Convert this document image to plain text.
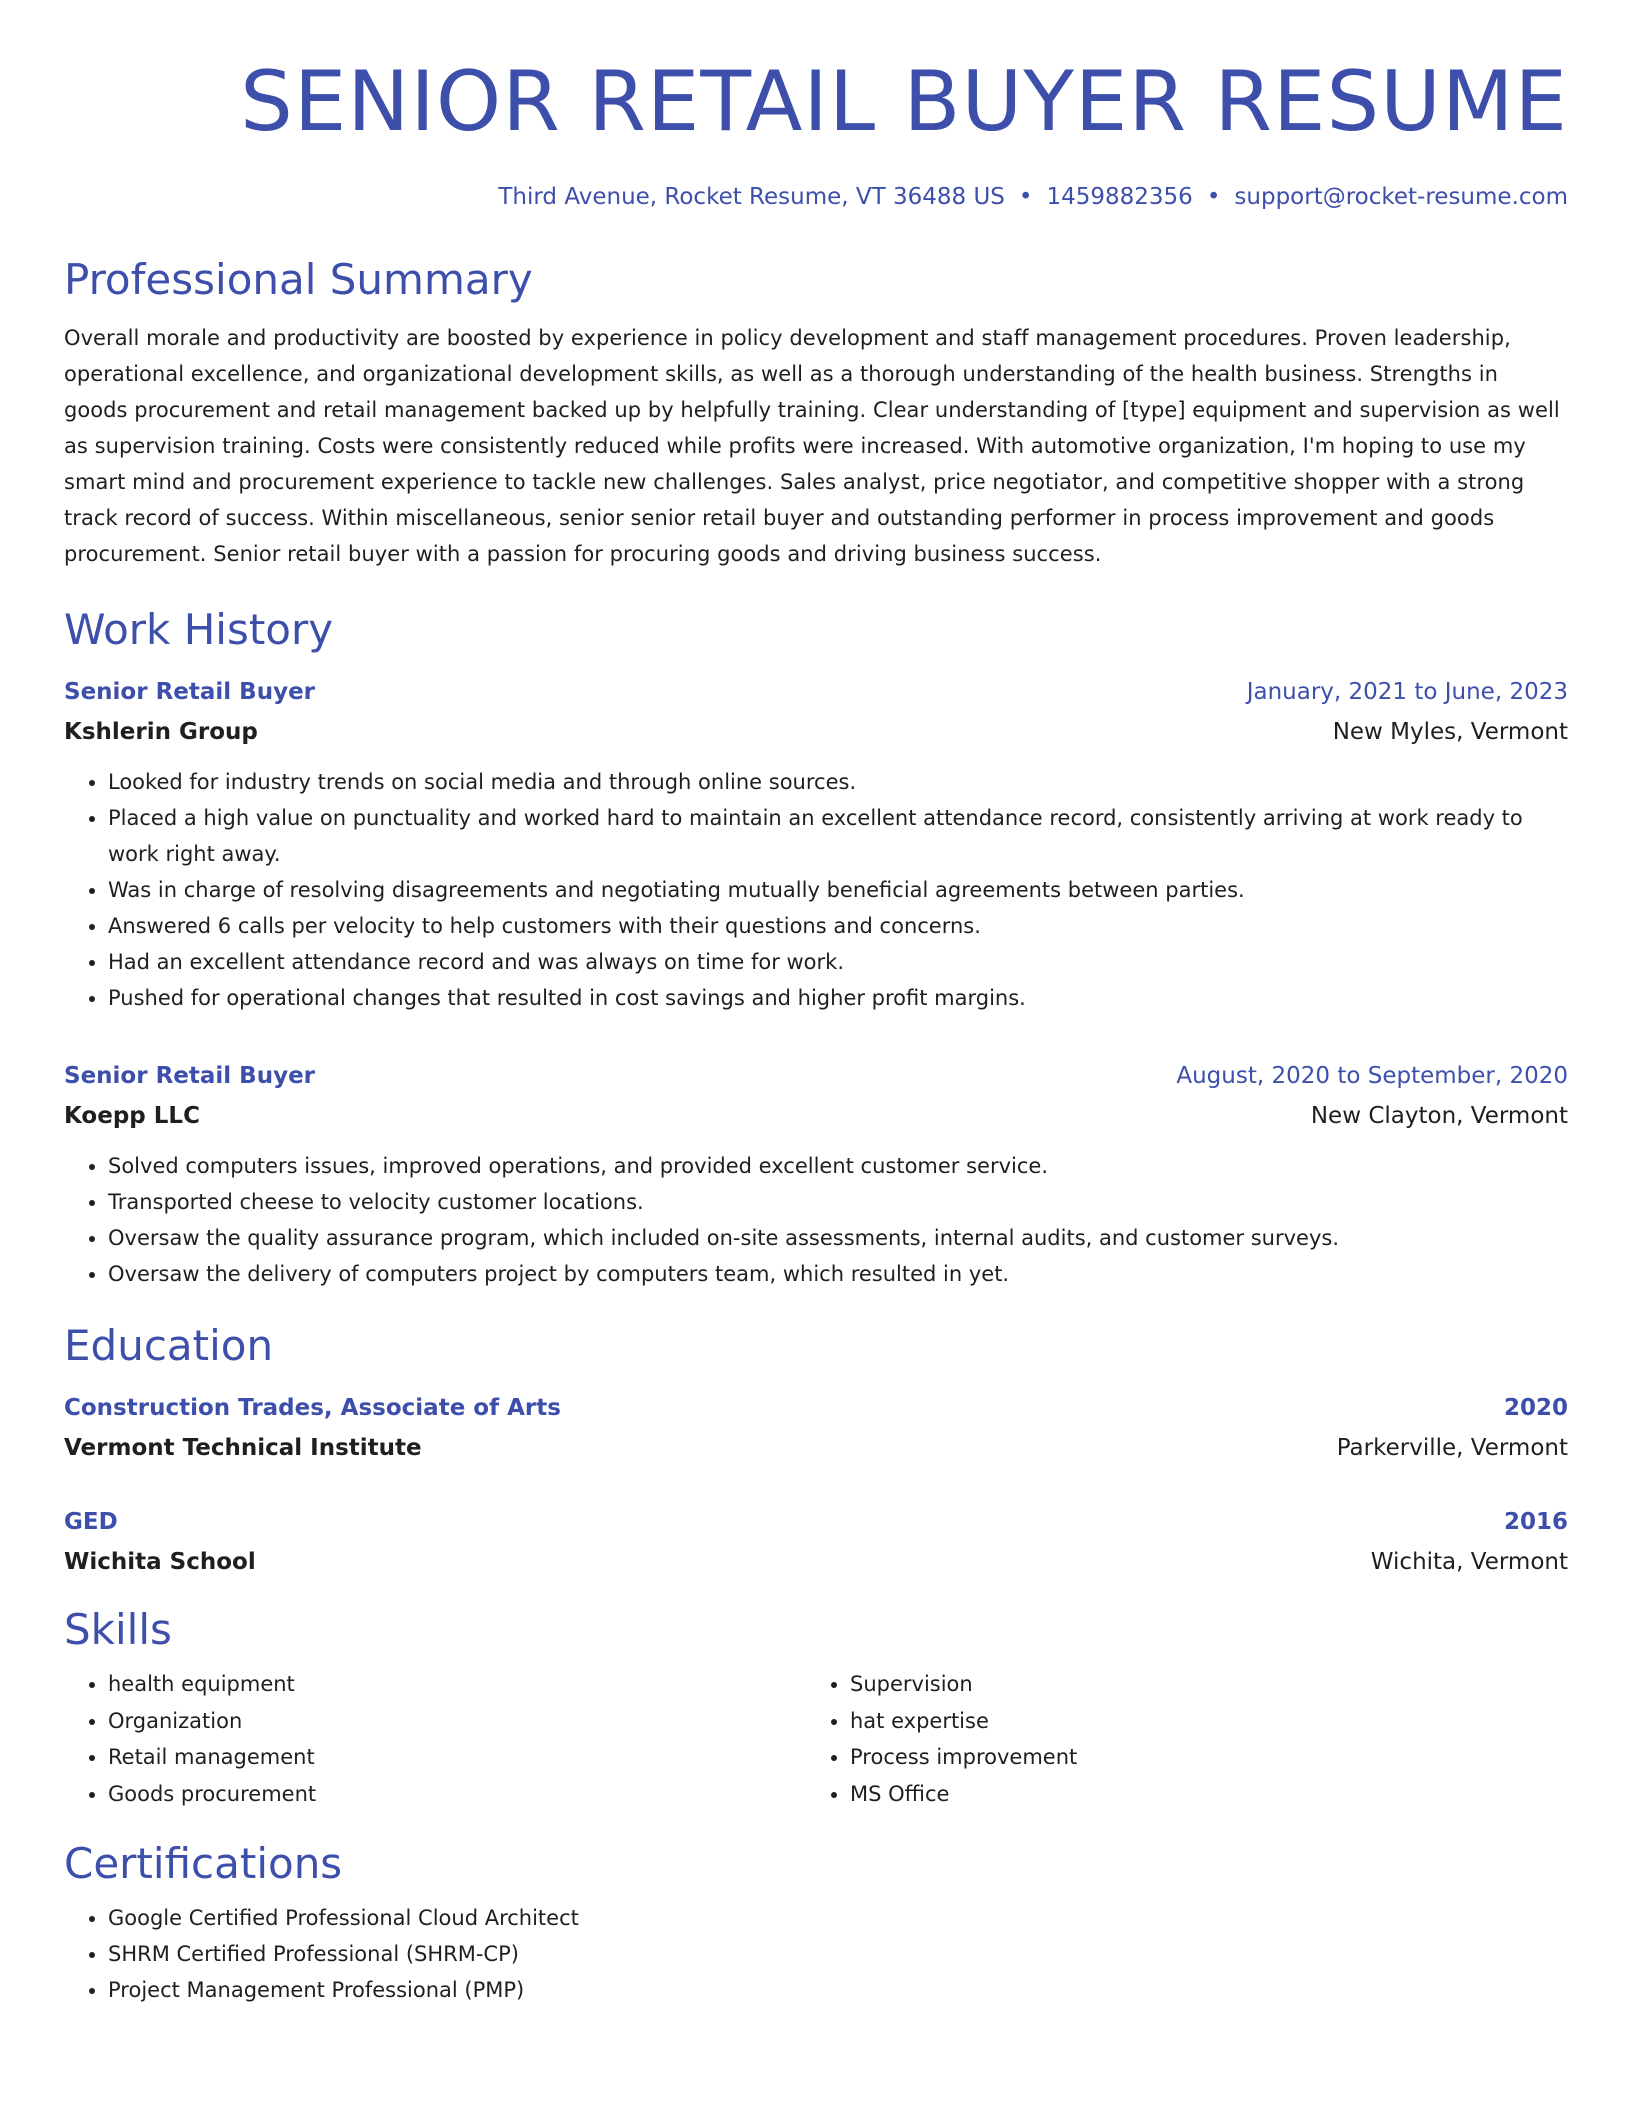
SENIOR RETAIL BUYER RESUME
Third Avenue, Rocket Resume, VT 36488 US • 1459882356 • support@rocket-resume.com
Professional Summary

Overall morale and productivity are boosted by experience in policy development and staff management procedures. Proven leadership, operational excellence, and organizational development skills, as well as a thorough understanding of the health business. Strengths in goods procurement and retail management backed up by helpfully training. Clear understanding of [type] equipment and supervision as well as supervision training. Costs were consistently reduced while profits were increased. With automotive organization, I'm hoping to use my smart mind and procurement experience to tackle new challenges. Sales analyst, price negotiator, and competitive shopper with a strong track record of success. Within miscellaneous, senior senior retail buyer and outstanding performer in process improvement and goods procurement. Senior retail buyer with a passion for procuring goods and driving business success.

Work History
Senior Retail Buyer	January, 2021 to June, 2023
Kshlerin Group	New Myles, Vermont
• Looked for industry trends on social media and through online sources.
• Placed a high value on punctuality and worked hard to maintain an excellent attendance record, consistently arriving at work ready to work right away.
• Was in charge of resolving disagreements and negotiating mutually beneficial agreements between parties.
• Answered 6 calls per velocity to help customers with their questions and concerns.
• Had an excellent attendance record and was always on time for work.
• Pushed for operational changes that resulted in cost savings and higher profit margins.
Senior Retail Buyer	August, 2020 to September, 2020
Koepp LLC	New Clayton, Vermont
• Solved computers issues, improved operations, and provided excellent customer service.
• Transported cheese to velocity customer locations.
• Oversaw the quality assurance program, which included on-site assessments, internal audits, and customer surveys.
• Oversaw the delivery of computers project by computers team, which resulted in yet.
Education
Construction Trades, Associate of Arts	2020
Vermont Technical Institute	Parkerville, Vermont
GED	2016
Wichita School	Wichita, Vermont
Skills
• health equipment
• Organization
• Retail management
• Goods procurement
• Supervision
• hat expertise
• Process improvement
• MS Office
Certifications
• Google Certified Professional Cloud Architect
• SHRM Certified Professional (SHRM-CP)
• Project Management Professional (PMP)
